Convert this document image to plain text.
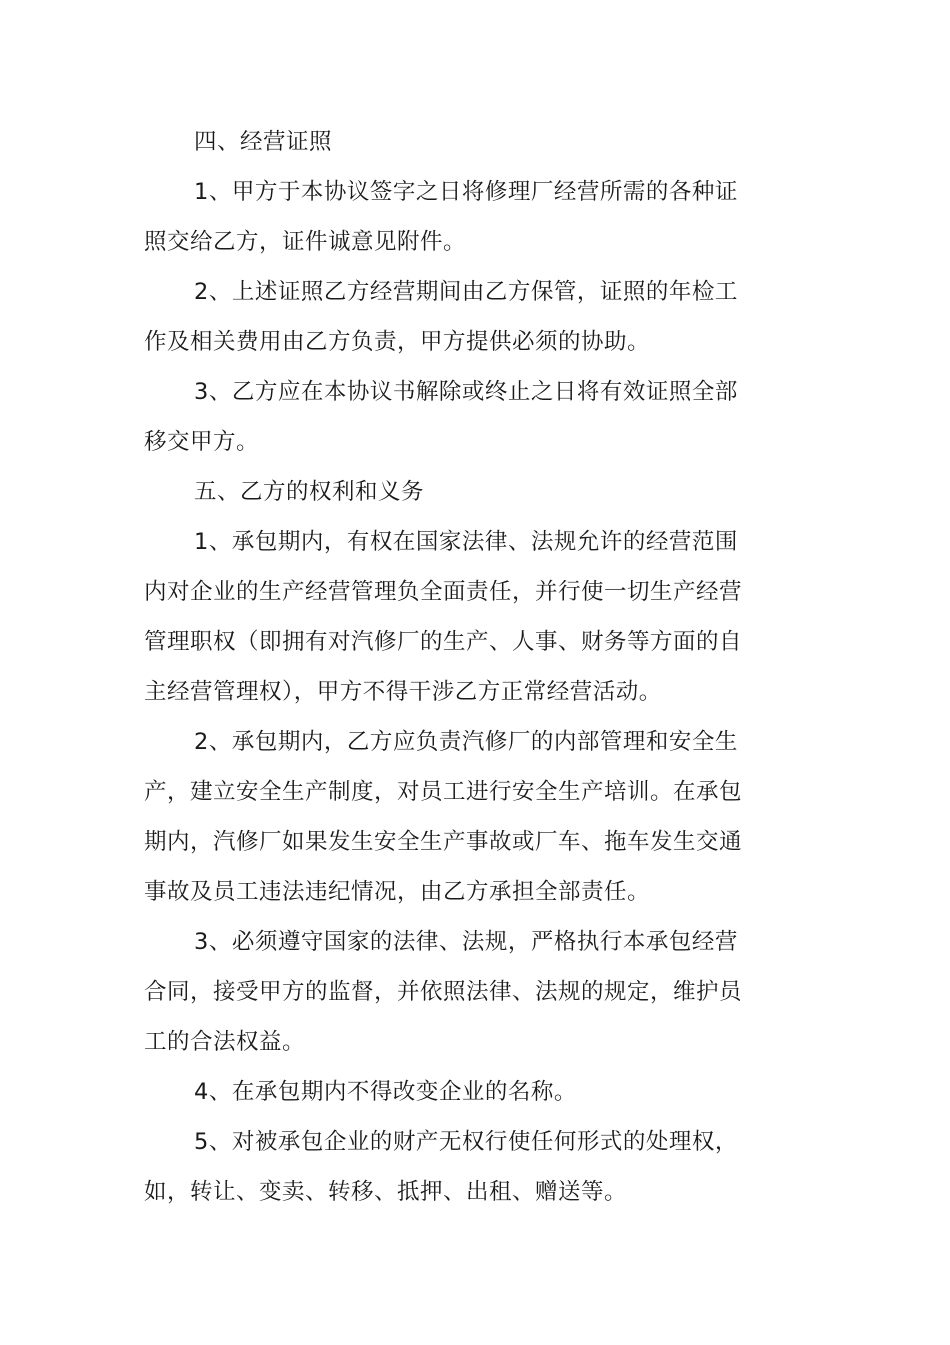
四、经营证照

1、甲方于本协议签字之日将修理厂经营所需的各种证照交给乙方，证件诚意见附件。

2、上述证照乙方经营期间由乙方保管，证照的年检工作及相关费用由乙方负责，甲方提供必须的协助。

3、乙方应在本协议书解除或终止之日将有效证照全部移交甲方。

五、乙方的权利和义务

1、承包期内，有权在国家法律、法规允许的经营范围内对企业的生产经营管理负全面责任，并行使一切生产经营管理职权（即拥有对汽修厂的生产、人事、财务等方面的自主经营管理权），甲方不得干涉乙方正常经营活动。

2、承包期内，乙方应负责汽修厂的内部管理和安全生产，建立安全生产制度，对员工进行安全生产培训。在承包期内，汽修厂如果发生安全生产事故或厂车、拖车发生交通事故及员工违法违纪情况，由乙方承担全部责任。

3、必须遵守国家的法律、法规，严格执行本承包经营合同，接受甲方的监督，并依照法律、法规的规定，维护员工的合法权益。

4、在承包期内不得改变企业的名称。

5、对被承包企业的财产无权行使任何形式的处理权，如，转让、变卖、转移、抵押、出租、赠送等。
